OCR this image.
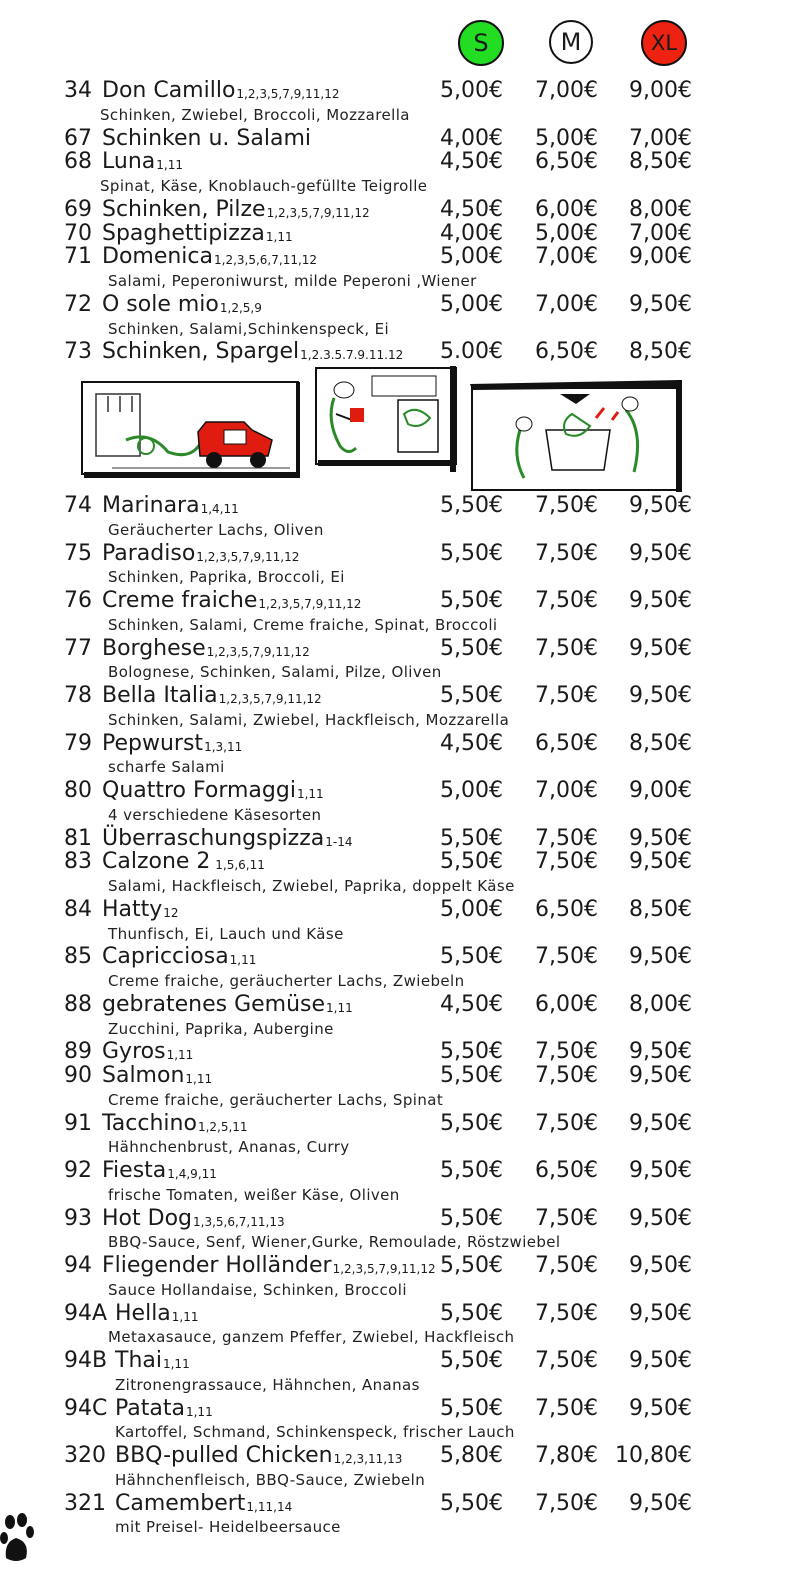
S	M	XL
34 Don Camillo$_{1,2,3,5,7,9,11,12}$	5,00€	7,00€	9,00€
Schinken, Zwiebel, Broccoli, Mozzarella
67 Schinken u. Salami	4,00€	5,00€	7,00€
68 Luna$_{1,11}$	4,50€	6,50€	8,50€
Spinat, Käse, Knoblauch-gefüllte Teigrolle
69 Schinken, Pilze$_{1,2,3,5,7,9,11,12}$	4,50€	6,00€	8,00€
70 Spaghettipizza$_{1,11}$	4,00€	5,00€	7,00€
71 Domenica$_{1,2,3,5,6,7,11,12}$	5,00€	7,00€	9,00€
Salami, Peperoniwurst, milde Peperoni ,Wiener
72 O sole mio$_{1,2,5,9}$	5,00€	7,00€	9,50€
Schinken, Salami,Schinkenspeck, Ei
73 Schinken, Spargel$_{1,2.3.5.7.9.11.12}$	5.00€	6,50€	8,50€
74 Marinara$_{1,4,11}$	5,50€	7,50€	9,50€
Geräucherter Lachs, Oliven
75 Paradiso$_{1,2,3,5,7,9,11,12}$	5,50€	7,50€	9,50€
Schinken, Paprika, Broccoli, Ei
76 Creme fraiche$_{1,2,3,5,7,9,11,12}$	5,50€	7,50€	9,50€
Schinken, Salami, Creme fraiche, Spinat, Broccoli
77 Borghese$_{1,2,3,5,7,9,11,12}$	5,50€	7,50€	9,50€
Bolognese, Schinken, Salami, Pilze, Oliven
78 Bella Italia$_{1,2,3,5,7,9,11,12}$	5,50€	7,50€	9,50€
Schinken, Salami, Zwiebel, Hackfleisch, Mozzarella
79 Pepwurst$_{1,3,11}$	4,50€	6,50€	8,50€
scharfe Salami
80 Quattro Formaggi$_{1,11}$	5,00€	7,00€	9,00€
4 verschiedene Käsesorten
81 Überraschungspizza$_{1-14}$	5,50€	7,50€	9,50€
83 Calzone 2 $_{1,5,6,11}$	5,50€	7,50€	9,50€
Salami, Hackfleisch, Zwiebel, Paprika, doppelt Käse
84 Hatty$_{12}$	5,00€	6,50€	8,50€
Thunfisch, Ei, Lauch und Käse
85 Capricciosa$_{1,11}$	5,50€	7,50€	9,50€
Creme fraiche, geräucherter Lachs, Zwiebeln
88 gebratenes Gemüse$_{1,11}$	4,50€	6,00€	8,00€
Zucchini, Paprika, Aubergine
89 Gyros$_{1,11}$	5,50€	7,50€	9,50€
90 Salmon$_{1,11}$	5,50€	7,50€	9,50€
Creme fraiche, geräucherter Lachs, Spinat
91 Tacchino$_{1,2,5,11}$	5,50€	7,50€	9,50€
Hähnchenbrust, Ananas, Curry
92 Fiesta$_{1,4,9,11}$	5,50€	6,50€	9,50€
frische Tomaten, weißer Käse, Oliven
93 Hot Dog$_{1,3,5,6,7,11,13}$	5,50€	7,50€	9,50€
BBQ-Sauce, Senf, Wiener,Gurke, Remoulade, Röstzwiebel
94 Fliegender Holländer$_{1,2,3,5,7,9,11,12}$ 5,50€	7,50€	9,50€
Sauce Hollandaise, Schinken, Broccoli
94A Hella$_{1,11}$	5,50€	7,50€	9,50€
Metaxasauce, ganzem Pfeffer, Zwiebel, Hackfleisch
94B Thai$_{1,11}$	5,50€	7,50€	9,50€
Zitronengrassauce, Hähnchen, Ananas
94C Patata$_{1,11}$	5,50€	7,50€	9,50€
Kartoffel, Schmand, Schinkenspeck, frischer Lauch
320 BBQ-pulled Chicken$_{1,2,3,11,13}$	5,80€	7,80€ 10,80€
Hähnchenfleisch, BBQ-Sauce, Zwiebeln
321 Camembert$_{1,11,14}$	5,50€	7,50€	9,50€
mit Preisel- Heidelbeersauce
